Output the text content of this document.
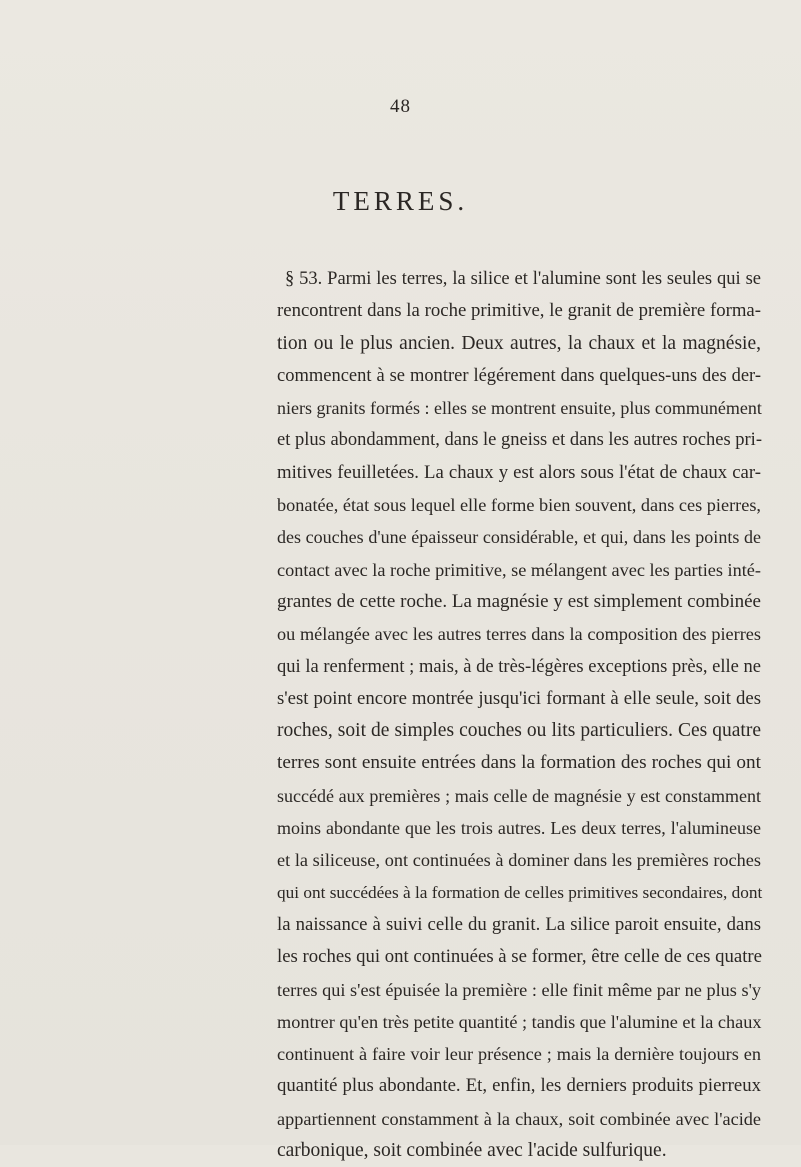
48
TERRES.
§ 53. Parmi les terres, la silice et l'alumine sont les seules qui se
rencontrent dans la roche primitive, le granit de première forma-
tion ou le plus ancien. Deux autres, la chaux et la magnésie,
commencent à se montrer légérement dans quelques-uns des der-
niers granits formés : elles se montrent ensuite, plus communément
et plus abondamment, dans le gneiss et dans les autres roches pri-
mitives feuilletées. La chaux y est alors sous l'état de chaux car-
bonatée, état sous lequel elle forme bien souvent, dans ces pierres,
des couches d'une épaisseur considérable, et qui, dans les points de
contact avec la roche primitive, se mélangent avec les parties inté-
grantes de cette roche. La magnésie y est simplement combinée
ou mélangée avec les autres terres dans la composition des pierres
qui la renferment ; mais, à de très-légères exceptions près, elle ne
s'est point encore montrée jusqu'ici formant à elle seule, soit des
roches, soit de simples couches ou lits particuliers. Ces quatre
terres sont ensuite entrées dans la formation des roches qui ont
succédé aux premières ; mais celle de magnésie y est constamment
moins abondante que les trois autres. Les deux terres, l'alumineuse
et la siliceuse, ont continuées à dominer dans les premières roches
qui ont succédées à la formation de celles primitives secondaires, dont
la naissance à suivi celle du granit. La silice paroit ensuite, dans
les roches qui ont continuées à se former, être celle de ces quatre
terres qui s'est épuisée la première : elle finit même par ne plus s'y
montrer qu'en très petite quantité ; tandis que l'alumine et la chaux
continuent à faire voir leur présence ; mais la dernière toujours en
quantité plus abondante. Et, enfin, les derniers produits pierreux
appartiennent constamment à la chaux, soit combinée avec l'acide
carbonique, soit combinée avec l'acide sulfurique.
